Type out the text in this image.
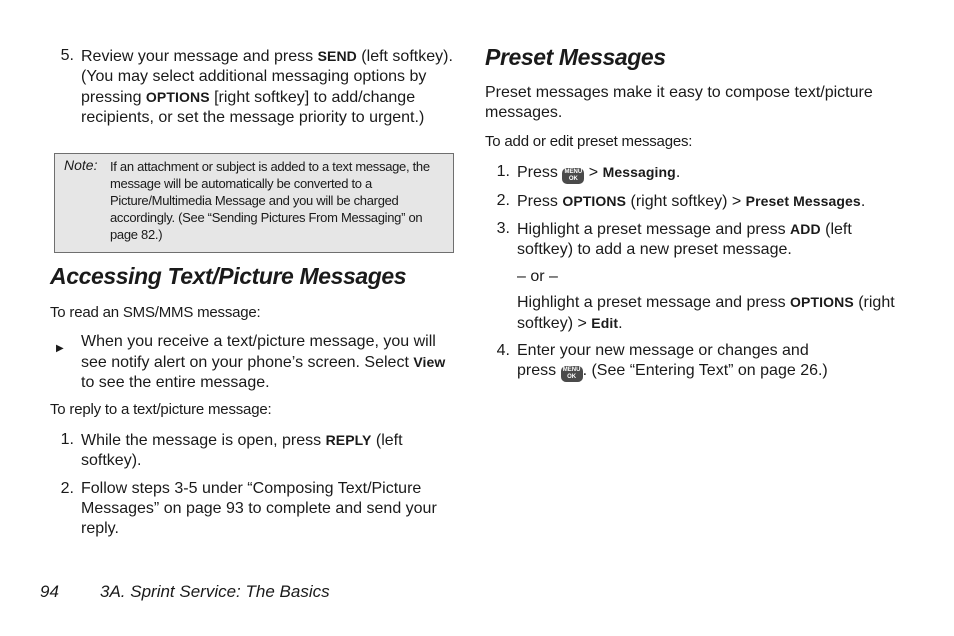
5. Review your message and press SEND (left softkey). (You may select additional messaging options by pressing OPTIONS [right softkey] to add/change recipients, or set the message priority to urgent.)

Note: If an attachment or subject is added to a text message, the message will be automatically be converted to a Picture/Multimedia Message and you will be charged accordingly. (See “Sending Pictures From Messaging” on page 82.)
Accessing Text/Picture Messages

To read an SMS/MMS message:

▶ When you receive a text/picture message, you will see notify alert on your phone’s screen. Select View to see the entire message.

To reply to a text/picture message:

1. While the message is open, press REPLY (left softkey).

2. Follow steps 3-5 under “Composing Text/Picture Messages” on page 93 to complete and send your reply.

Preset Messages

Preset messages make it easy to compose text/picture messages.

To add or edit preset messages:

1. Press MENU
OK > Messaging.

2. Press OPTIONS (right softkey) > Preset Messages.

3. Highlight a preset message and press ADD (left softkey) to add a new preset message.

– or –

Highlight a preset message and press OPTIONS (right softkey) > Edit.

4. Enter your new message or changes and press MENU
OK . (See “Entering Text” on page 26.)

94 3A. Sprint Service: The Basics
